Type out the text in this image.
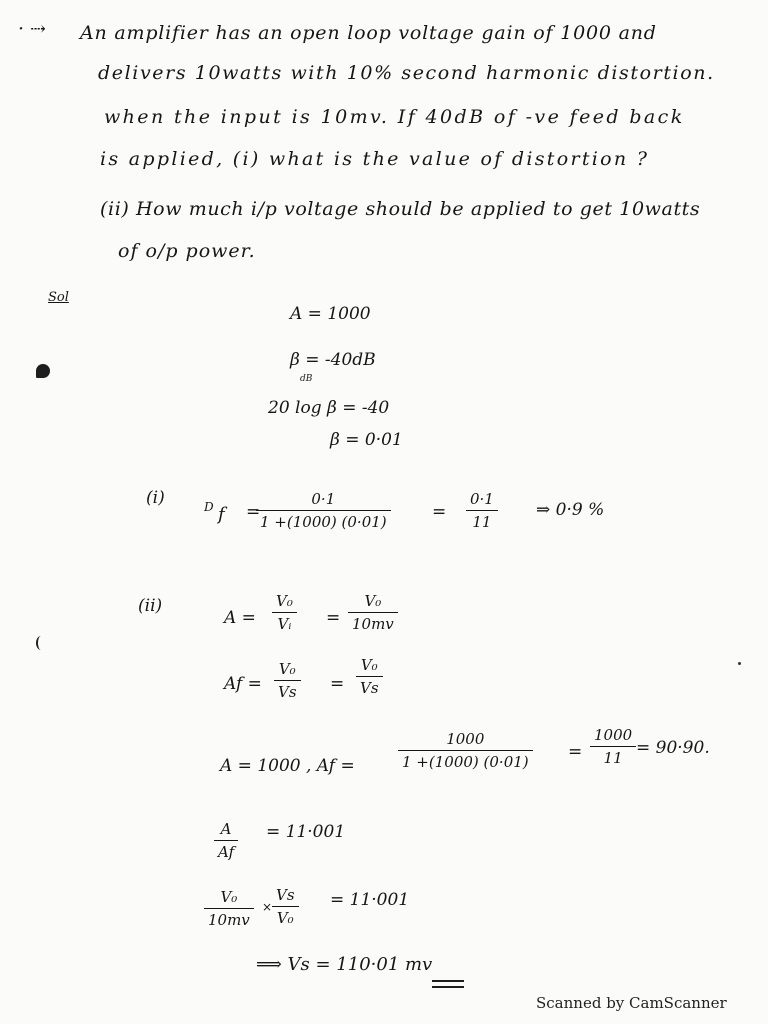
· ⇢ An amplifier has an open loop voltage gain of 1000 and
delivers 10watts with 10% second harmonic distortion.
when the input is 10mv. If 40dB of -ve feed back
is applied, (i) what is the value of distortion ?
(ii) How much i/p voltage should be applied to get 10watts
of o/p power.
Sol
A = 1000
β = -40dB
dB
20 log β = -40
β = 0·01
(i)	D f =
0·1
1 +(1000) (0·01)	=
0·1
11
⇒ 0·9 %
(ii)
A =
V₀
Vᵢ =
V₀
10mv
Af =
V₀
Vs =
V₀
Vs
A = 1000 , Af =
1000
1 +(1000) (0·01) =
1000
11 = 90·90.
A
Af
= 11·001
V₀
10mv
×
Vs
V₀
= 11·001
⟹ Vs = 110·01 mv
Scanned by CamScanner
